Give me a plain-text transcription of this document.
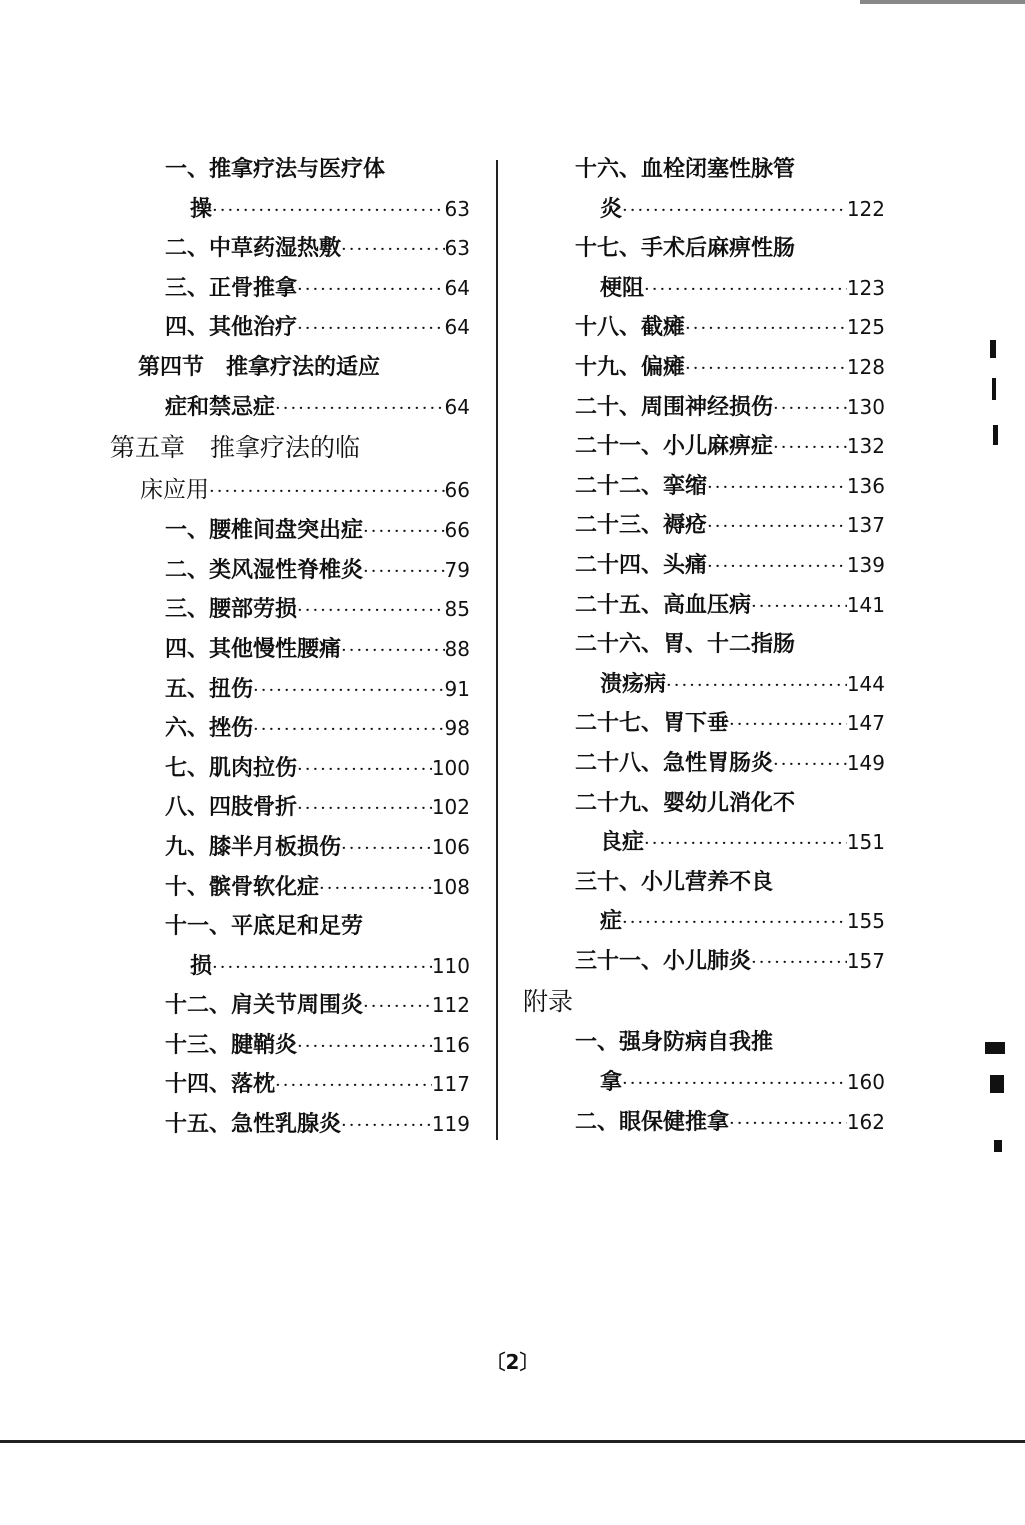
一、推拿疗法与医疗体
操 ·····	63
二、中草药湿热敷 ·····	63
三、正骨推拿 ·····	64
四、其他治疗 ·····	64
第四节　推拿疗法的适应
症和禁忌症 ·····	64
第五章　推拿疗法的临
床应用 ·····	66
一、腰椎间盘突出症 ·····	66
二、类风湿性脊椎炎 ·····	79
三、腰部劳损 ·····	85
四、其他慢性腰痛 ·····	88
五、扭伤 ·····	91
六、挫伤 ·····	98
七、肌肉拉伤 ·····	100
八、四肢骨折 ·····	102
九、膝半月板损伤 ·····	106
十、髌骨软化症 ·····	108
十一、平底足和足劳
损 ·····	110
十二、肩关节周围炎 ·····	112
十三、腱鞘炎 ·····	116
十四、落枕 ·····	117
十五、急性乳腺炎 ·····	119
十六、血栓闭塞性脉管
炎 ·····	122
十七、手术后麻痹性肠
梗阻 ·····	123
十八、截瘫 ·····	125
十九、偏瘫 ·····	128
二十、周围神经损伤 ·····	130
二十一、小儿麻痹症 ·····	132
二十二、挛缩 ·····	136
二十三、褥疮 ·····	137
二十四、头痛 ·····	139
二十五、高血压病 ·····	141
二十六、胃、十二指肠
溃疡病 ·····	144
二十七、胃下垂 ·····	147
二十八、急性胃肠炎 ·····	149
二十九、婴幼儿消化不
良症 ·····	151
三十、小儿营养不良
症 ·····	155
三十一、小儿肺炎 ·····	157
附录
一、强身防病自我推
拿 ·····	160
二、眼保健推拿 ·····	162
〔2〕
